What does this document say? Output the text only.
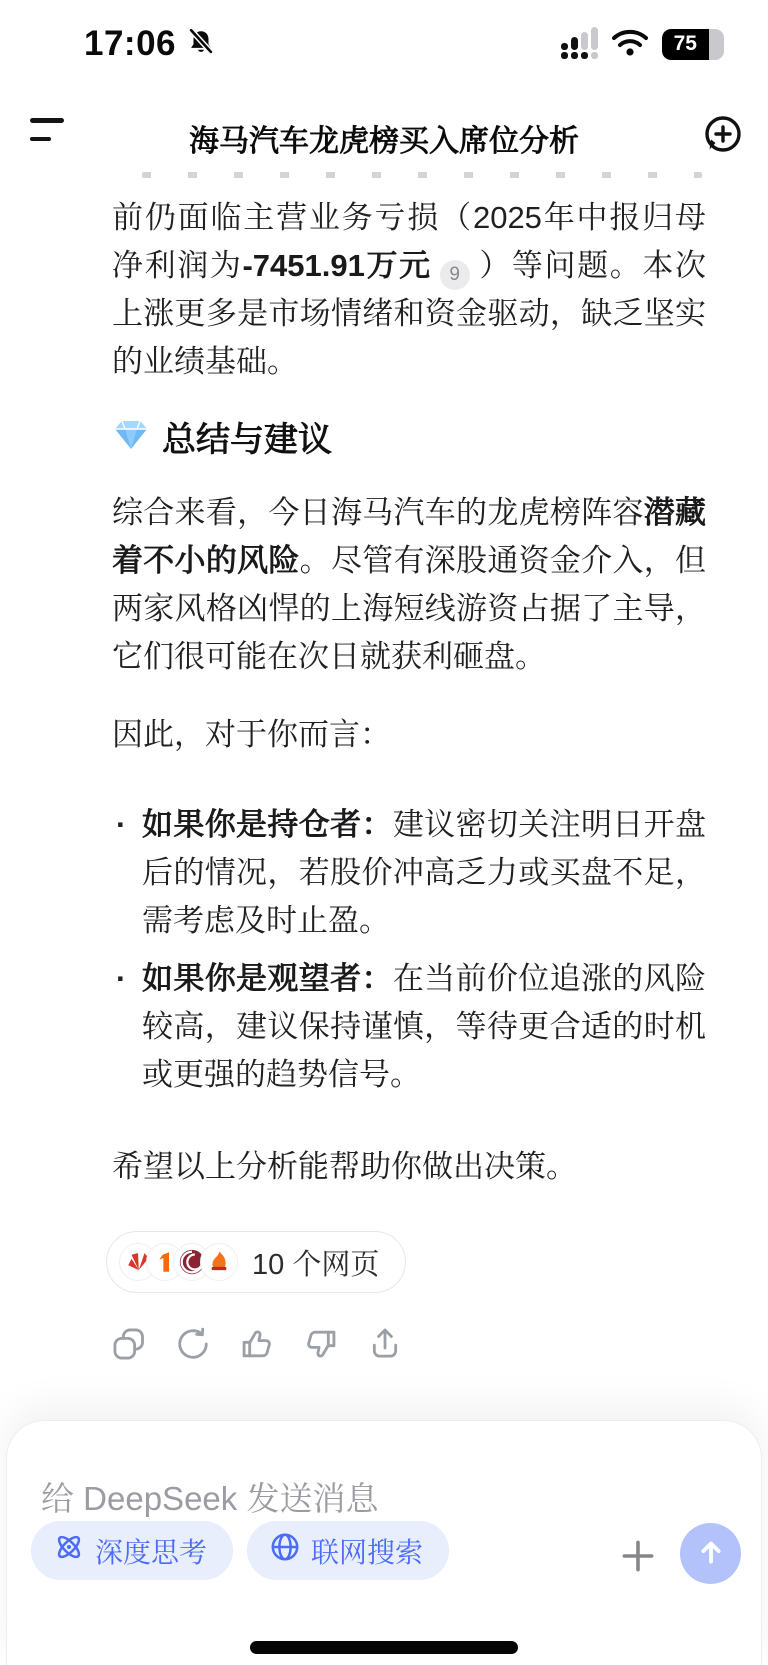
17:06	75
海马汽车龙虎榜买入席位分析

前仍面临主营业务亏损（2025年中报归母净利润为-7451.91万元 9 ）等问题。本次上涨更多是市场情绪和资金驱动，缺乏坚实的业绩基础。

总结与建议

综合来看，今日海马汽车的龙虎榜阵容潜藏着不小的风险。尽管有深股通资金介入，但两家风格凶悍的上海短线游资占据了主导，它们很可能在次日就获利砸盘。

因此，对于你而言：

· 如果你是持仓者：建议密切关注明日开盘后的情况，若股价冲高乏力或买盘不足，需考虑及时止盈。
· 如果你是观望者：在当前价位追涨的风险较高，建议保持谨慎，等待更合适的时机或更强的趋势信号。

希望以上分析能帮助你做出决策。

10 个网页
给 DeepSeek 发送消息
深度思考	联网搜索
